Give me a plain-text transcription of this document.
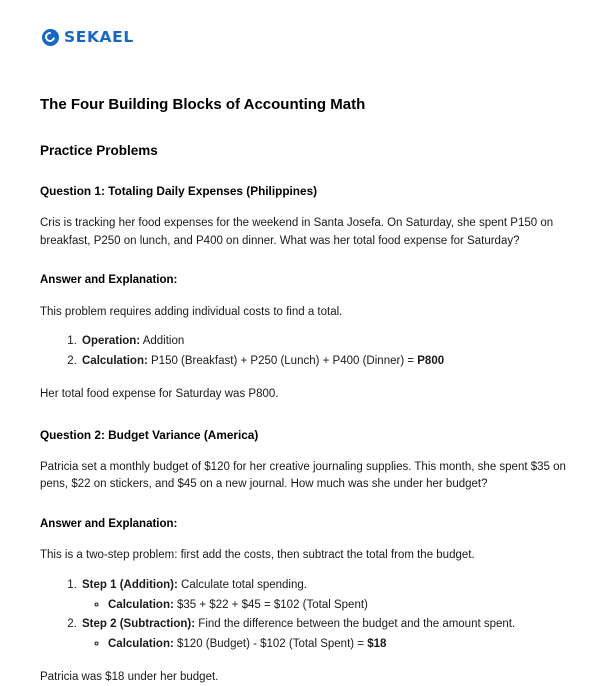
SEKAEL
The Four Building Blocks of Accounting Math
Practice Problems
Question 1: Totaling Daily Expenses (Philippines)

Cris is tracking her food expenses for the weekend in Santa Josefa. On Saturday, she spent P150 on breakfast, P250 on lunch, and P400 on dinner. What was her total food expense for Saturday?

Answer and Explanation:

This problem requires adding individual costs to find a total.

1. Operation: Addition
2. Calculation: P150 (Breakfast) + P250 (Lunch) + P400 (Dinner) = P800

Her total food expense for Saturday was P800.

Question 2: Budget Variance (America)

Patricia set a monthly budget of $120 for her creative journaling supplies. This month, she spent $35 on pens, $22 on stickers, and $45 on a new journal. How much was she under her budget?

Answer and Explanation:

This is a two-step problem: first add the costs, then subtract the total from the budget.

1. Step 1 (Addition): Calculate total spending.
◦ Calculation: $35 + $22 + $45 = $102 (Total Spent)
2. Step 2 (Subtraction): Find the difference between the budget and the amount spent.
◦ Calculation: $120 (Budget) - $102 (Total Spent) = $18

Patricia was $18 under her budget.
